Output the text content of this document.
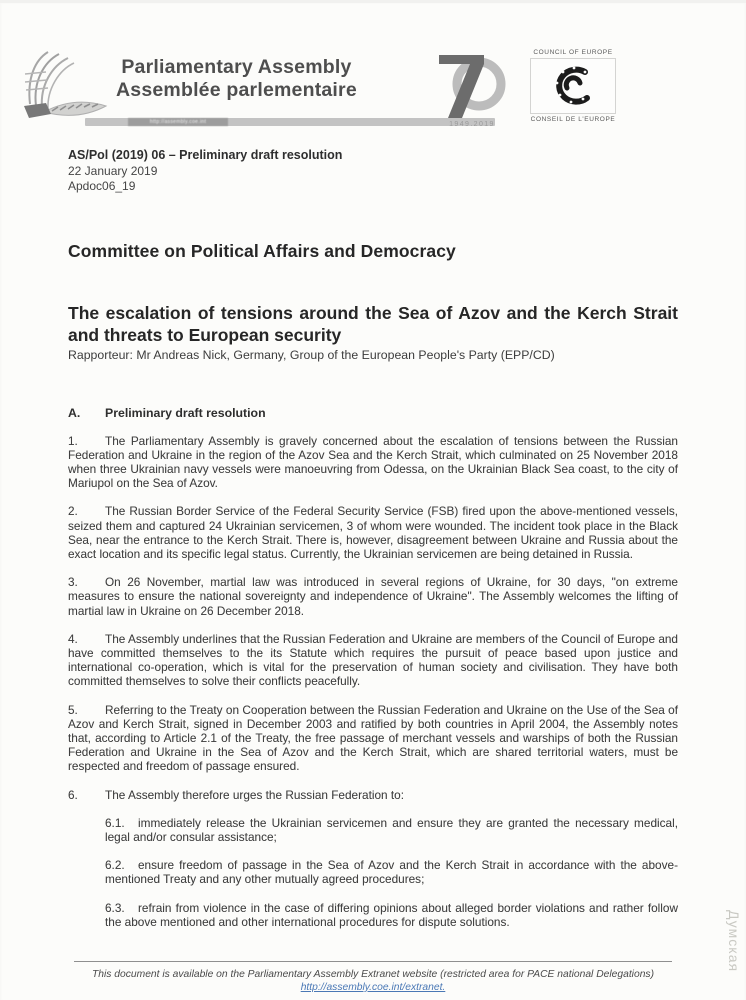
Parliamentary Assembly
Assemblée parlementaire
http://assembly.coe.int	1949.2019
COUNCIL OF EUROPE
CONSEIL DE L'EUROPE
AS/Pol (2019) 06 – Preliminary draft resolution
22 January 2019
Apdoc06_19
Committee on Political Affairs and Democracy
The escalation of tensions around the Sea of Azov and the Kerch Strait and threats to European security
Rapporteur: Mr Andreas Nick, Germany, Group of the European People's Party (EPP/CD)
A. Preliminary draft resolution
1. The Parliamentary Assembly is gravely concerned about the escalation of tensions between the Russian Federation and Ukraine in the region of the Azov Sea and the Kerch Strait, which culminated on 25 November 2018 when three Ukrainian navy vessels were manoeuvring from Odessa, on the Ukrainian Black Sea coast, to the city of Mariupol on the Sea of Azov.
2. The Russian Border Service of the Federal Security Service (FSB) fired upon the above-mentioned vessels, seized them and captured 24 Ukrainian servicemen, 3 of whom were wounded. The incident took place in the Black Sea, near the entrance to the Kerch Strait. There is, however, disagreement between Ukraine and Russia about the exact location and its specific legal status. Currently, the Ukrainian servicemen are being detained in Russia.
3. On 26 November, martial law was introduced in several regions of Ukraine, for 30 days, "on extreme measures to ensure the national sovereignty and independence of Ukraine". The Assembly welcomes the lifting of martial law in Ukraine on 26 December 2018.
4. The Assembly underlines that the Russian Federation and Ukraine are members of the Council of Europe and have committed themselves to the its Statute which requires the pursuit of peace based upon justice and international co-operation, which is vital for the preservation of human society and civilisation. They have both committed themselves to solve their conflicts peacefully.
5. Referring to the Treaty on Cooperation between the Russian Federation and Ukraine on the Use of the Sea of Azov and Kerch Strait, signed in December 2003 and ratified by both countries in April 2004, the Assembly notes that, according to Article 2.1 of the Treaty, the free passage of merchant vessels and warships of both the Russian Federation and Ukraine in the Sea of Azov and the Kerch Strait, which are shared territorial waters, must be respected and freedom of passage ensured.
6. The Assembly therefore urges the Russian Federation to:
6.1. immediately release the Ukrainian servicemen and ensure they are granted the necessary medical, legal and/or consular assistance;
6.2. ensure freedom of passage in the Sea of Azov and the Kerch Strait in accordance with the above-mentioned Treaty and any other mutually agreed procedures;
6.3. refrain from violence in the case of differing opinions about alleged border violations and rather follow the above mentioned and other international procedures for dispute solutions.
This document is available on the Parliamentary Assembly Extranet website (restricted area for PACE national Delegations)
http://assembly.coe.int/extranet.
Думская
